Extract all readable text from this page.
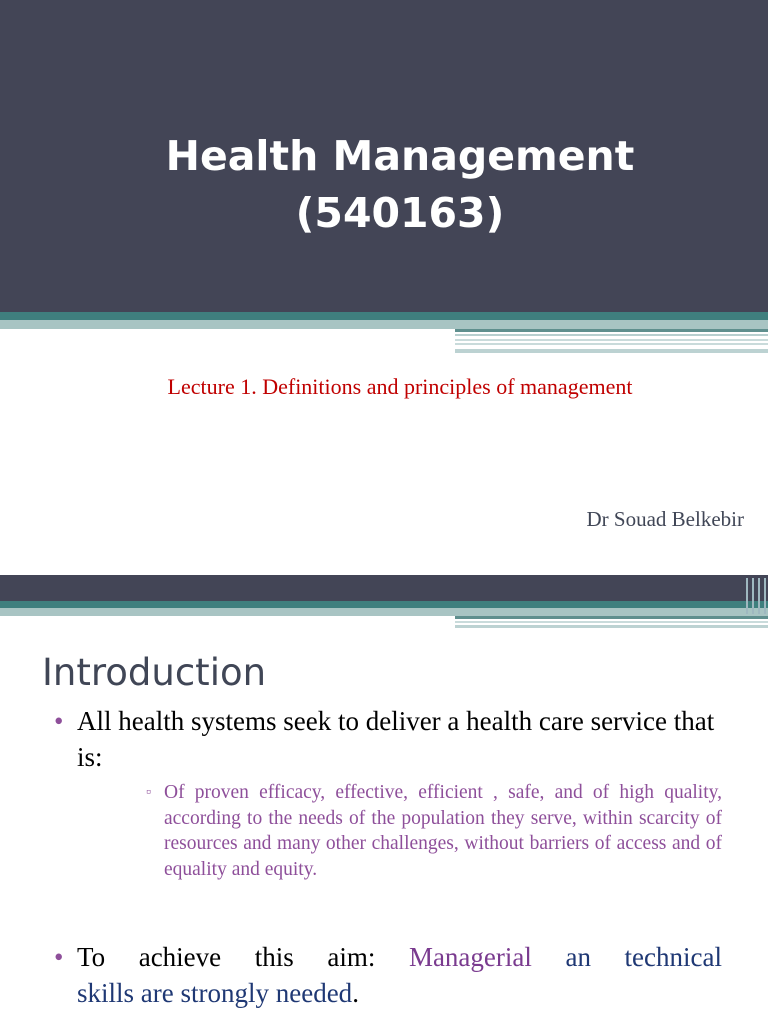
Health Management
(540163)
Lecture 1. Definitions and principles of management
Dr Souad Belkebir
Introduction
• All health systems seek to deliver a health care service that is:
▫ Of proven efficacy, effective, efficient , safe, and of high quality, according to the needs of the population they serve, within scarcity of resources and many other challenges, without barriers of access and of equality and equity.
• To achieve this aim: Managerial an technical
skills are strongly needed.
